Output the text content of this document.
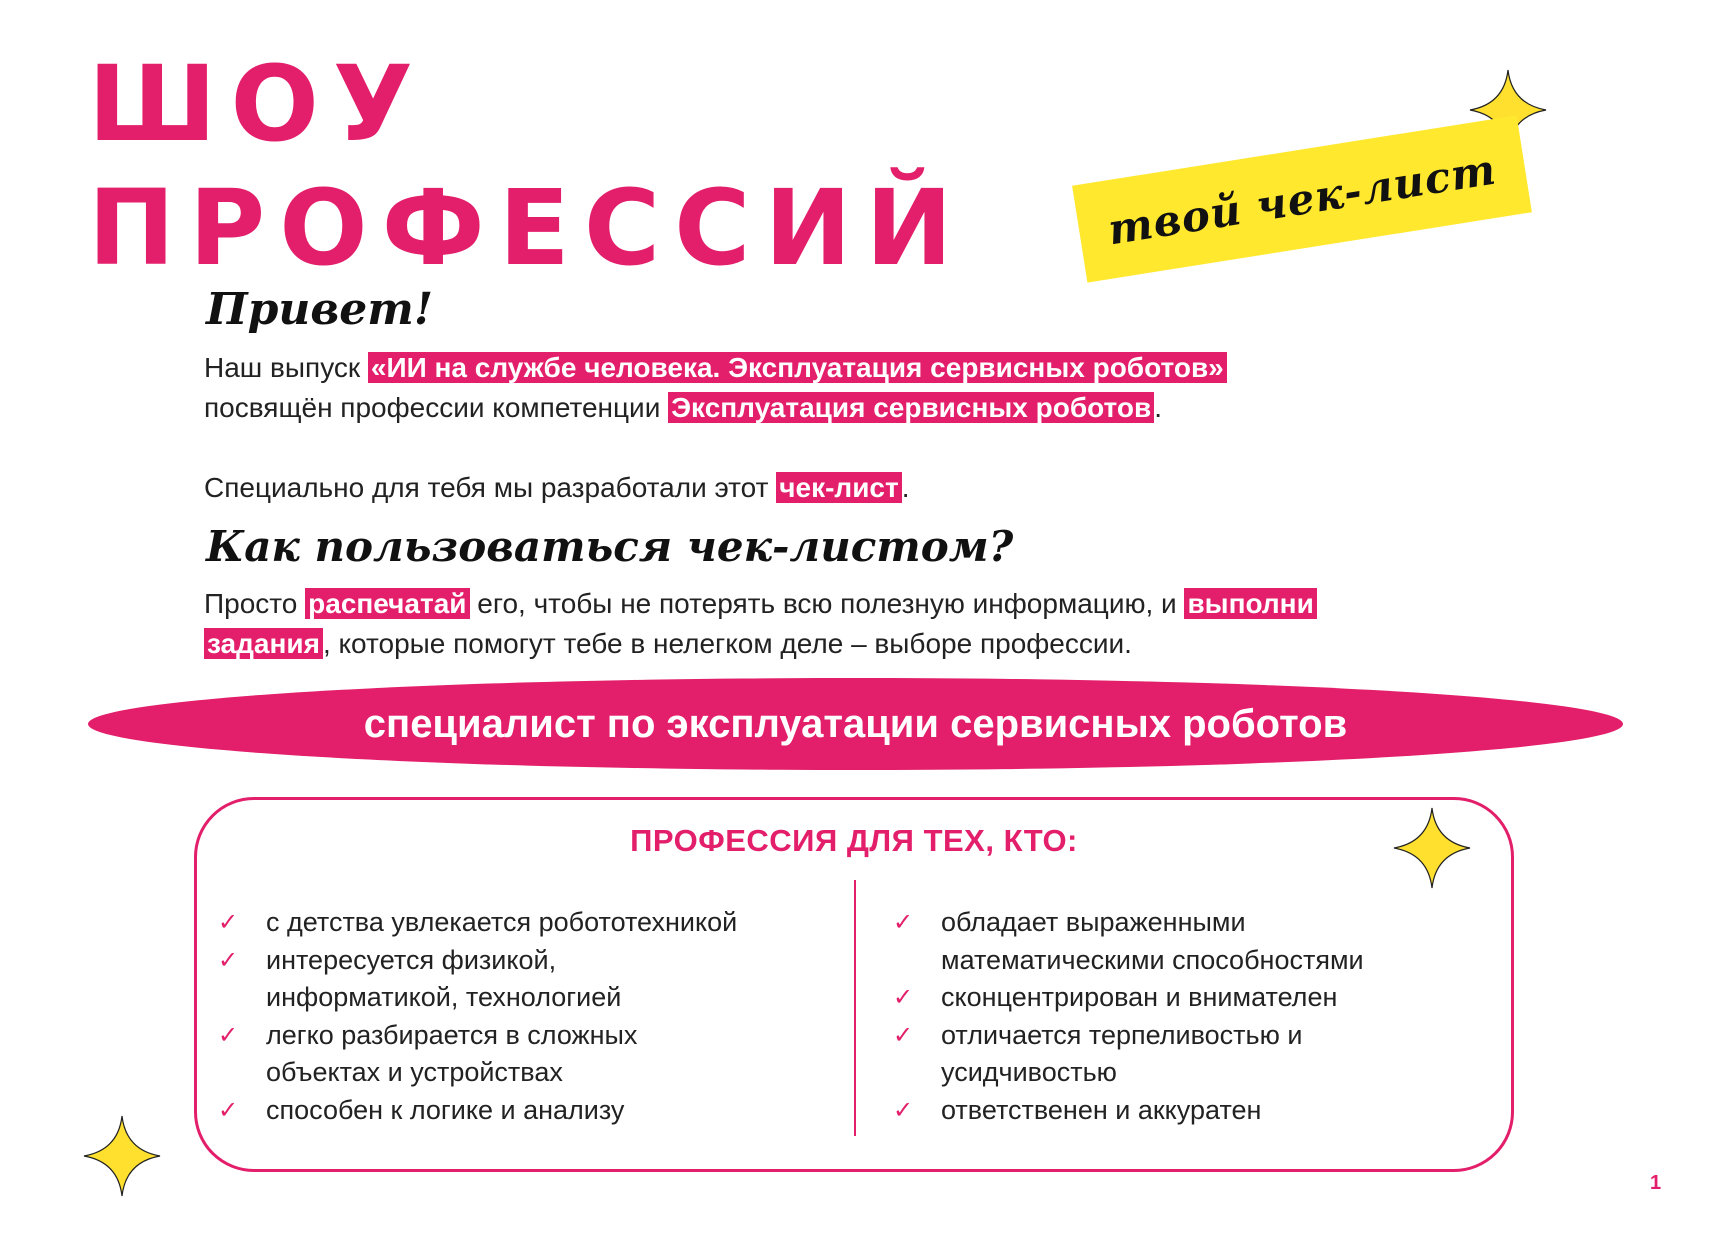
ШОУ
ПРОФЕССИЙ	твой чек-лист
Привет!
Наш выпуск «ИИ на службе человека. Эксплуатация сервисных роботов»
посвящён профессии компетенции Эксплуатация сервисных роботов .
Специально для тебя мы разработали этот чек-лист .
Как пользоваться чек-листом?
Просто распечатай его, чтобы не потерять всю полезную информацию, и выполни
задания , которые помогут тебе в нелегком деле – выборе профессии.
специалист по эксплуатации сервисных роботов
ПРОФЕССИЯ ДЛЯ ТЕХ, КТО:
✓ с детства увлекается робототехникой
✓ интересуется физикой, информатикой, технологией
✓ легко разбирается в сложных объектах и устройствах
✓ способен к логике и анализу
✓ обладает выраженными математическими способностями
✓ сконцентрирован и внимателен
✓ отличается терпеливостью и усидчивостью
✓ ответственен и аккуратен
1
